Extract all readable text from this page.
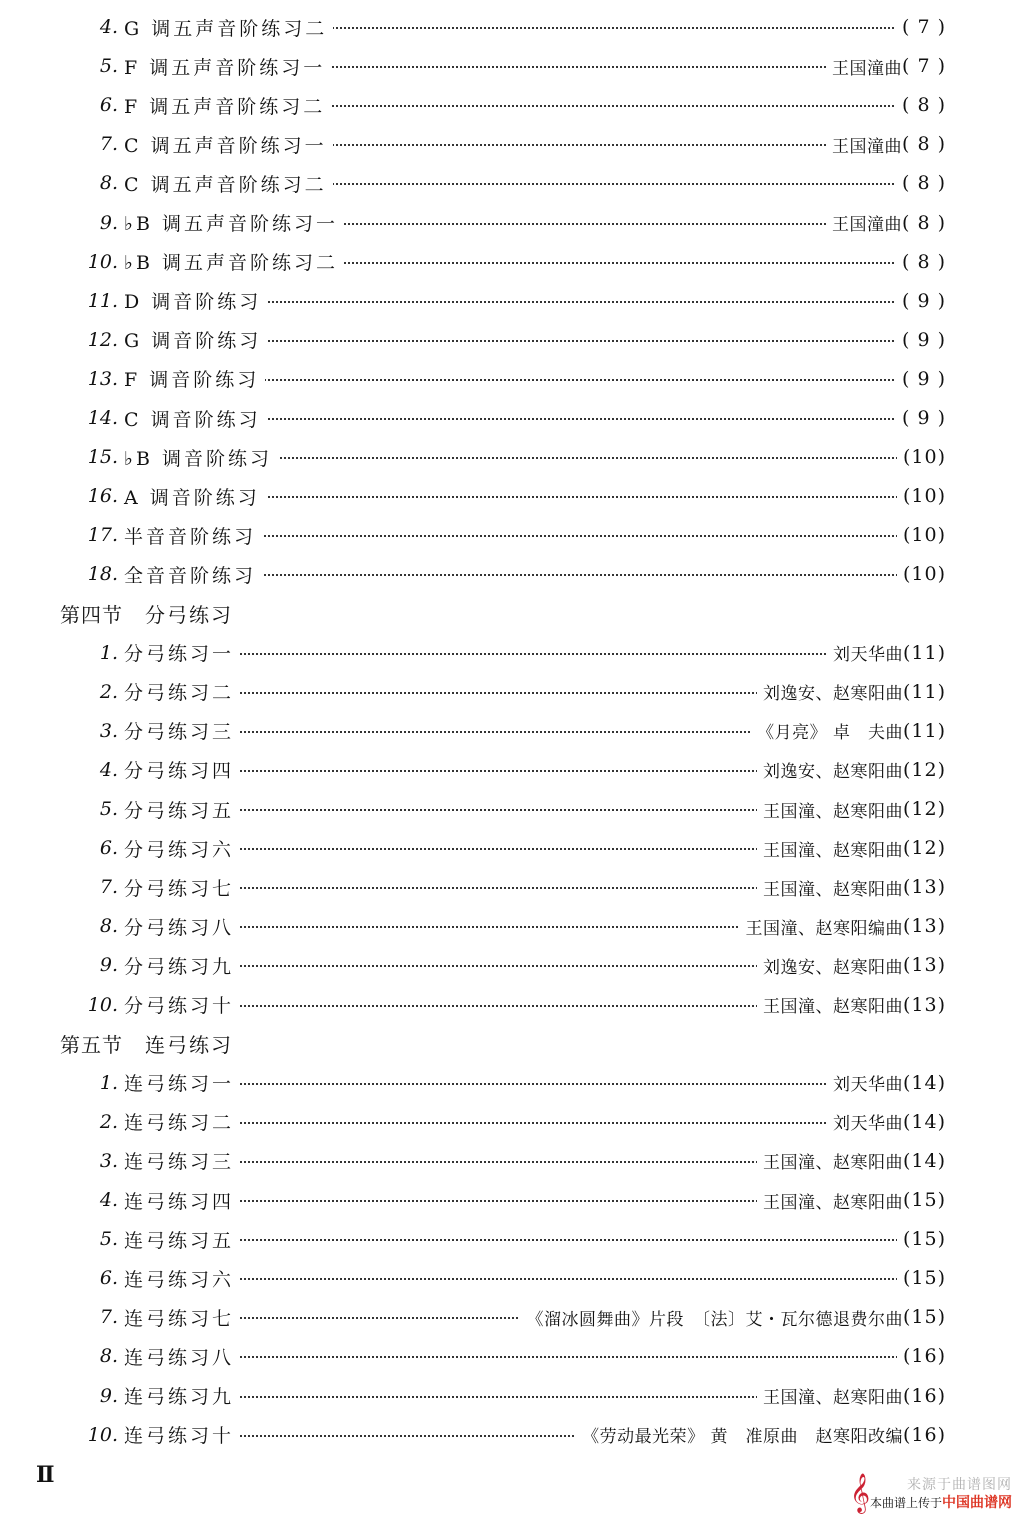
4. G 调五声音阶练习二	( 7 )
5. F 调五声音阶练习一	王国潼曲 ( 7 )
6. F 调五声音阶练习二	( 8 )
7. C 调五声音阶练习一	王国潼曲 ( 8 )
8. C 调五声音阶练习二	( 8 )
9. ♭B 调五声音阶练习一	王国潼曲 ( 8 )
10. ♭B 调五声音阶练习二	( 8 )
11. D 调音阶练习	( 9 )
12. G 调音阶练习	( 9 )
13. F 调音阶练习	( 9 )
14. C 调音阶练习	( 9 )
15. ♭B 调音阶练习	(10)
16. A 调音阶练习	(10)
17. 半音音阶练习	(10)
18. 全音音阶练习	(10)
第四节 分弓练习
1. 分弓练习一	刘天华曲 (11)
2. 分弓练习二	刘逸安、赵寒阳曲 (11)
3. 分弓练习三	《月亮》 卓　夫曲 (11)
4. 分弓练习四	刘逸安、赵寒阳曲 (12)
5. 分弓练习五	王国潼、赵寒阳曲 (12)
6. 分弓练习六	王国潼、赵寒阳曲 (12)
7. 分弓练习七	王国潼、赵寒阳曲 (13)
8. 分弓练习八	王国潼、赵寒阳编曲 (13)
9. 分弓练习九	刘逸安、赵寒阳曲 (13)
10. 分弓练习十	王国潼、赵寒阳曲 (13)
第五节 连弓练习
1. 连弓练习一	刘天华曲 (14)
2. 连弓练习二	刘天华曲 (14)
3. 连弓练习三	王国潼、赵寒阳曲 (14)
4. 连弓练习四	王国潼、赵寒阳曲 (15)
5. 连弓练习五	(15)
6. 连弓练习六	(15)
7. 连弓练习七	《溜冰圆舞曲》片段　〔法〕艾・瓦尔德退费尔曲 (15)
8. 连弓练习八	(16)
9. 连弓练习九	王国潼、赵寒阳曲 (16)
10. 连弓练习十	《劳动最光荣》 黄　准原曲　赵寒阳改编 (16)
Ⅱ	𝄞	来源于曲谱图网
本曲谱上传于中国曲谱网
